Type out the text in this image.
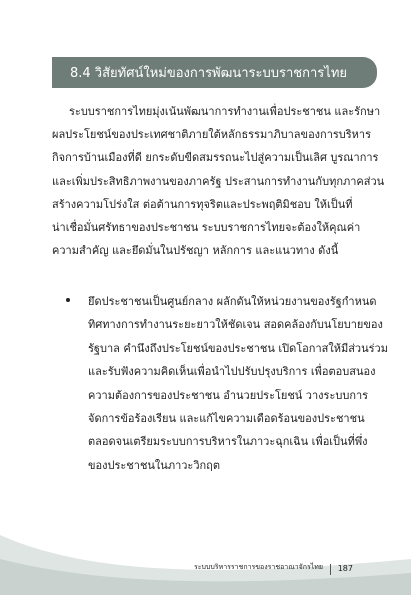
8.4 วิสัยทัศน์ใหม่ของการพัฒนาระบบราชการไทย

ระบบราชการไทยมุ่งเน้นพัฒนาการทำงานเพื่อประชาชน และรักษา
ผลประโยชน์ของประเทศชาติภายใต้หลักธรรมาภิบาลของการบริหาร
กิจการบ้านเมืองที่ดี ยกระดับขีดสมรรถนะไปสู่ความเป็นเลิศ บูรณาการ
และเพิ่มประสิทธิภาพงานของภาครัฐ ประสานการทำงานกับทุกภาคส่วน
สร้างความโปร่งใส ต่อต้านการทุจริตและประพฤติมิชอบ ให้เป็นที่
น่าเชื่อมั่นศรัทธาของประชาชน ระบบราชการไทยจะต้องให้คุณค่า
ความสำคัญ และยึดมั่นในปรัชญา หลักการ และแนวทาง ดังนี้

ยึดประชาชนเป็นศูนย์กลาง ผลักดันให้หน่วยงานของรัฐกำหนด
ทิศทางการทำงานระยะยาวให้ชัดเจน สอดคล้องกับนโยบายของ
รัฐบาล คำนึงถึงประโยชน์ของประชาชน เปิดโอกาสให้มีส่วนร่วม
และรับฟังความคิดเห็นเพื่อนำไปปรับปรุงบริการ เพื่อตอบสนอง
ความต้องการของประชาชน อำนวยประโยชน์ วางระบบการ
จัดการข้อร้องเรียน และแก้ไขความเดือดร้อนของประชาชน
ตลอดจนเตรียมระบบการบริหารในภาวะฉุกเฉิน เพื่อเป็นที่พึ่ง
ของประชาชนในภาวะวิกฤต
ระบบบริหารราชการของราชอาณาจักรไทย 187
